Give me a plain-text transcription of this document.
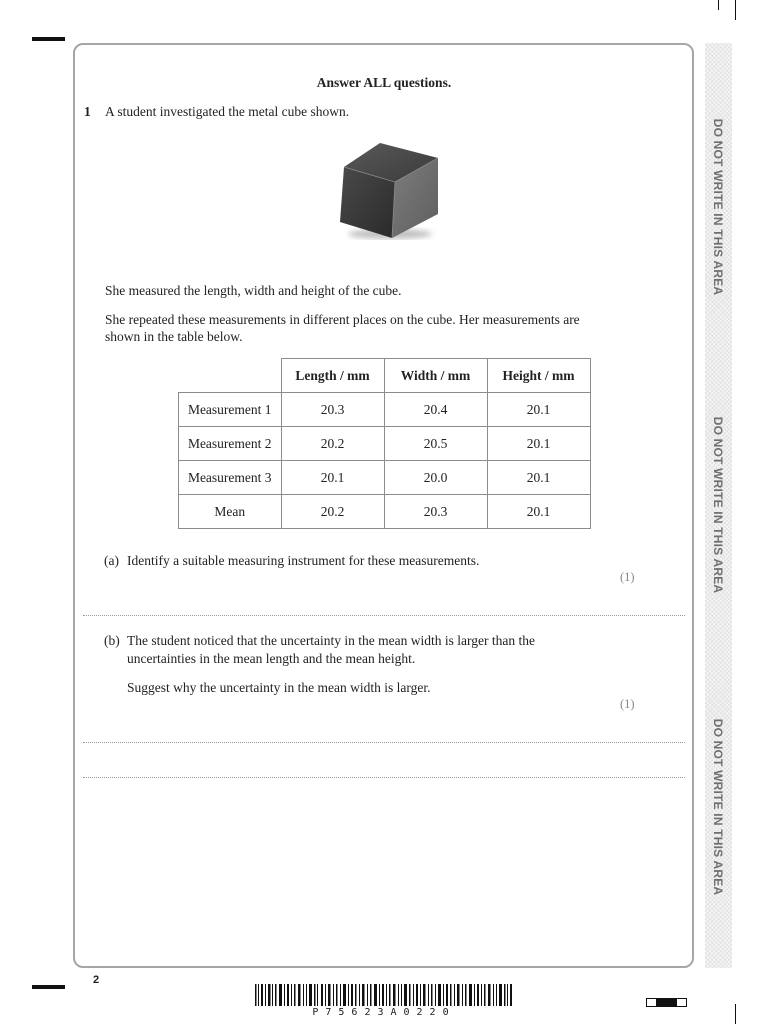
DO NOT WRITE IN THIS AREA
DO NOT WRITE IN THIS AREA
DO NOT WRITE IN THIS AREA
Answer ALL questions.
1 A student investigated the metal cube shown.
She measured the length, width and height of the cube.
She repeated these measurements in different places on the cube. Her measurements are
shown in the table below.
	Length / mm	Width / mm	Height / mm
Measurement 1	20.3	20.4	20.1
Measurement 2	20.2	20.5	20.1
Measurement 3	20.1	20.0	20.1
Mean	20.2	20.3	20.1
(a) Identify a suitable measuring instrument for these measurements.
(1)
(b) The student noticed that the uncertainty in the mean width is larger than the
uncertainties in the mean length and the mean height.
Suggest why the uncertainty in the mean width is larger.
(1)
2
P75623A0220
